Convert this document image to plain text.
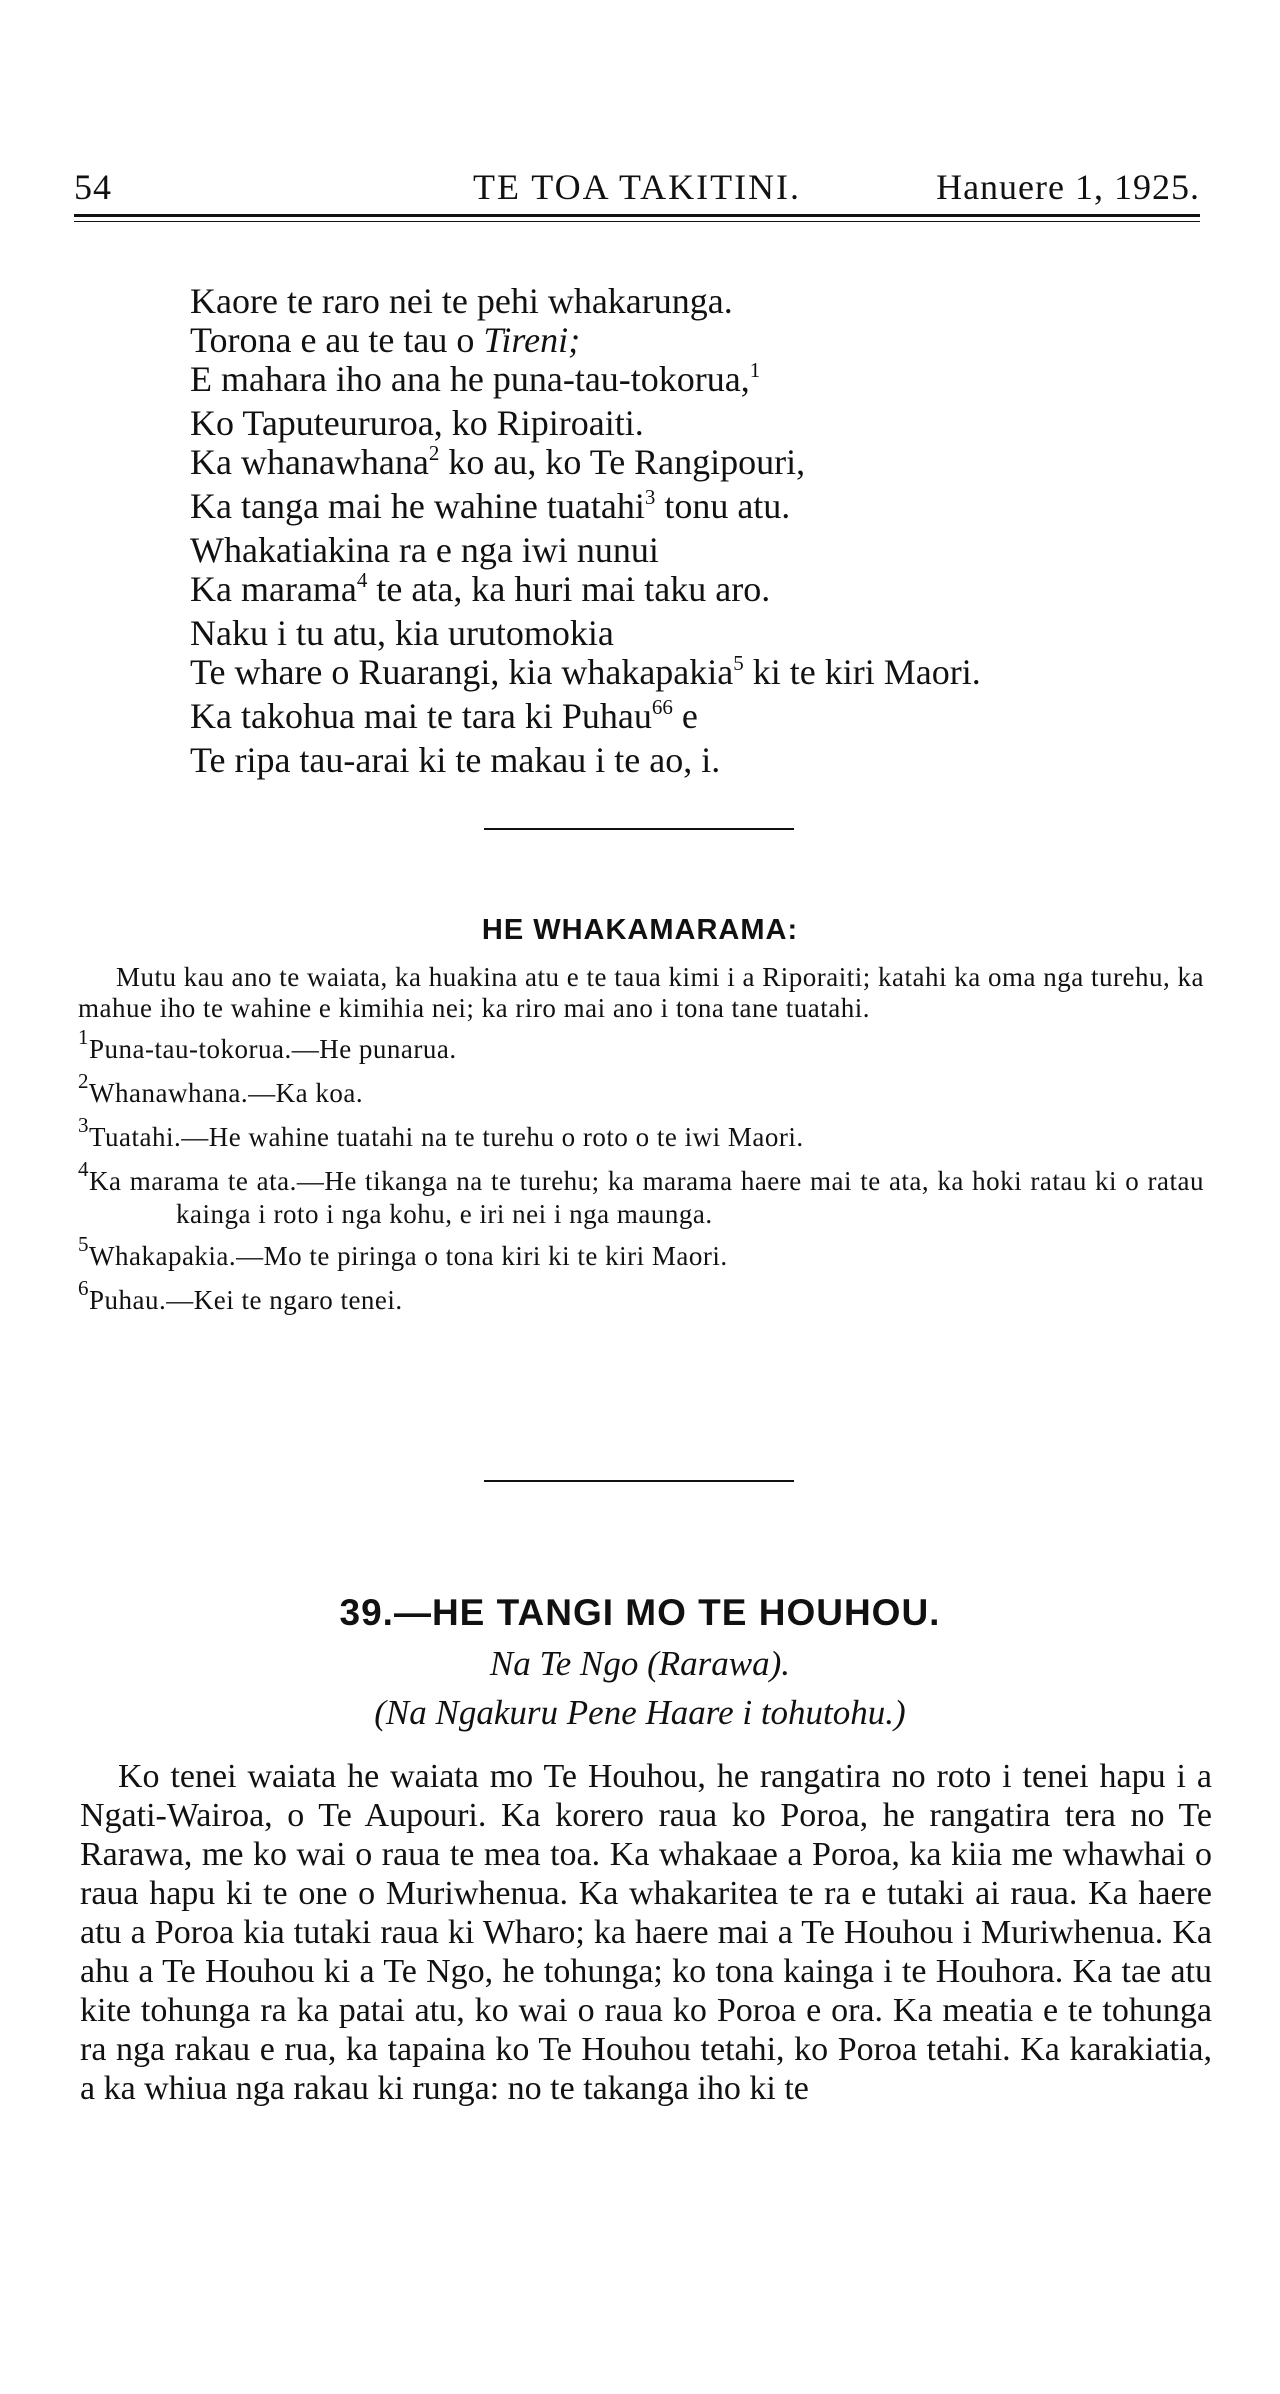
54	TE TOA TAKITINI.	Hanuere 1, 1925.
Kaore te raro nei te pehi whakarunga.
Torona e au te tau o Tireni;
E mahara iho ana he puna-tau-tokorua,$^1$
Ko Taputeururoa, ko Ripiroaiti.
Ka whanawhana$^2$ ko au, ko Te Rangipouri,
Ka tanga mai he wahine tuatahi$^3$ tonu atu.
Whakatiakina ra e nga iwi nunui
Ka marama$^4$ te ata, ka huri mai taku aro.
Naku i tu atu, kia urutomokia
Te whare o Ruarangi, kia whakapakia$^5$ ki te kiri Maori.
Ka takohua mai te tara ki Puhau$^{66}$ e
Te ripa tau-arai ki te makau i te ao, i.
HE WHAKAMARAMA:

Mutu kau ano te waiata, ka huakina atu e te taua kimi i a Riporaiti; katahi ka oma nga turehu, ka mahue iho te wahine e kimihia nei; ka riro mai ano i tona tane tuatahi.

$^1$Puna-tau-tokorua.—He punarua.

$^2$Whanawhana.—Ka koa.

$^3$Tuatahi.—He wahine tuatahi na te turehu o roto o te iwi Maori.

$^4$Ka marama te ata.—He tikanga na te turehu; ka marama haere mai te ata, ka hoki ratau ki o ratau kainga i roto i nga kohu, e iri nei i nga maunga.

$^5$Whakapakia.—Mo te piringa o tona kiri ki te kiri Maori.

$^6$Puhau.—Kei te ngaro tenei.

39.—HE TANGI MO TE HOUHOU.
Na Te Ngo (Rarawa).
(Na Ngakuru Pene Haare i tohutohu.)

Ko tenei waiata he waiata mo Te Houhou, he rangatira no roto i tenei hapu i a Ngati-Wairoa, o Te Aupouri. Ka korero raua ko Poroa, he rangatira tera no Te Rarawa, me ko wai o raua te mea toa. Ka whakaae a Poroa, ka kiia me whawhai o raua hapu ki te one o Muriwhenua. Ka whakaritea te ra e tutaki ai raua. Ka haere atu a Poroa kia tutaki raua ki Wharo; ka haere mai a Te Houhou i Muriwhenua. Ka ahu a Te Houhou ki a Te Ngo, he tohunga; ko tona kainga i te Houhora. Ka tae atu kite tohunga ra ka patai atu, ko wai o raua ko Poroa e ora. Ka meatia e te tohunga ra nga rakau e rua, ka tapaina ko Te Houhou tetahi, ko Poroa tetahi. Ka karakiatia, a ka whiua nga rakau ki runga: no te takanga iho ki te
